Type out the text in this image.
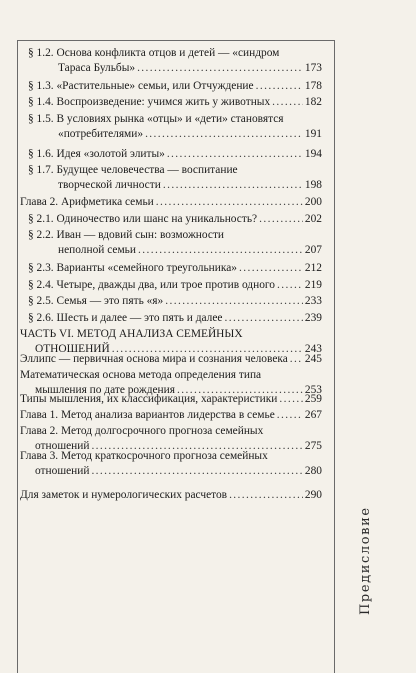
§ 1.2. Основа конфликта отцов и детей — «синдром
Тараса Бульбы» .....	173
§ 1.3. «Растительные» семьи, или Отчуждение .....	178
§ 1.4. Воспроизведение: учимся жить у животных .....	182
§ 1.5. В условиях рынка «отцы» и «дети» становятся
«потребителями» .....	191
§ 1.6. Идея «золотой элиты» .....	194
§ 1.7. Будущее человечества — воспитание
творческой личности .....	198
Глава 2. Арифметика семьи .....	200
§ 2.1. Одиночество или шанс на уникальность? .....	202
§ 2.2. Иван — вдовий сын: возможности
неполной семьи .....	207
§ 2.3. Варианты «семейного треугольника» .....	212
§ 2.4. Четыре, дважды два, или трое против одного .....	219
§ 2.5. Семья — это пять «я» .....	233
§ 2.6. Шесть и далее — это пять и далее .....	239
ЧАСТЬ VI. МЕТОД АНАЛИЗА СЕМЕЙНЫХ
ОТНОШЕНИЙ .....	243
Эллипс — первичная основа мира и сознания человека ..... 245
Математическая основа метода определения типа
мышления по дате рождения .....	253
Типы мышления, их классификация, характеристики ..... 259
Глава 1. Метод анализа вариантов лидерства в семье .....	267
Глава 2. Метод долгосрочного прогноза семейных
отношений .....	275
Глава 3. Метод краткосрочного прогноза семейных
отношений .....	280
Для заметок и нумерологических расчетов .....	290
Предисловие
